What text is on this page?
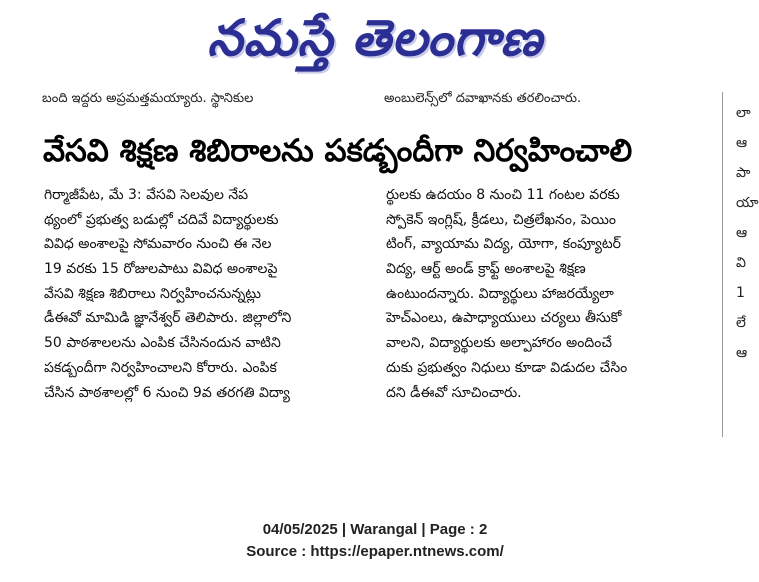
నమస్తే తెలంగాణ
బంది ఇద్దరు అప్రమత్తమయ్యారు. స్థానికుల	అంబులెన్స్‌లో దవాఖానకు తరలించారు.
వేసవి శిక్షణ శిబిరాలను పకడ్బందీగా నిర్వహించాలి
గిర్మాజీపేట, మే 3: వేసవి సెలవుల నేప
థ్యంలో ప్రభుత్వ బడుల్లో చదివే విద్యార్థులకు
వివిధ అంశాలపై సోమవారం నుంచి ఈ నెల
19 వరకు 15 రోజులపాటు వివిధ అంశాలపై
వేసవి శిక్షణ శిబిరాలు నిర్వహించనున్నట్లు
డీఈవో మామిడి జ్ఞానేశ్వర్ తెలిపారు. జిల్లాలోని
50 పాఠశాలలను ఎంపిక చేసినందున వాటిని
పకడ్బందీగా నిర్వహించాలని కోరారు. ఎంపిక
చేసిన పాఠశాలల్లో 6 నుంచి 9వ తరగతి విద్యా
ర్థులకు ఉదయం 8 నుంచి 11 గంటల వరకు
స్పోకెన్ ఇంగ్లిష్, క్రీడలు, చిత్రలేఖనం, పెయిం
టింగ్, వ్యాయామ విద్య, యోగా, కంప్యూటర్
విద్య, ఆర్ట్ అండ్ క్రాఫ్ట్ అంశాలపై శిక్షణ
ఉంటుందన్నారు. విద్యార్థులు హాజరయ్యేలా
హెచ్‌ఎంలు, ఉపాధ్యాయులు చర్యలు తీసుకో
వాలని, విద్యార్థులకు అల్పాహారం అందించే
దుకు ప్రభుత్వం నిధులు కూడా విడుదల చేసిం
దని డీఈవో సూచించారు.
లా
ఆ
పా
యా
ఆ
వి
1
లే
ఆ
04/05/2025 | Warangal | Page : 2
Source : https://epaper.ntnews.com/
